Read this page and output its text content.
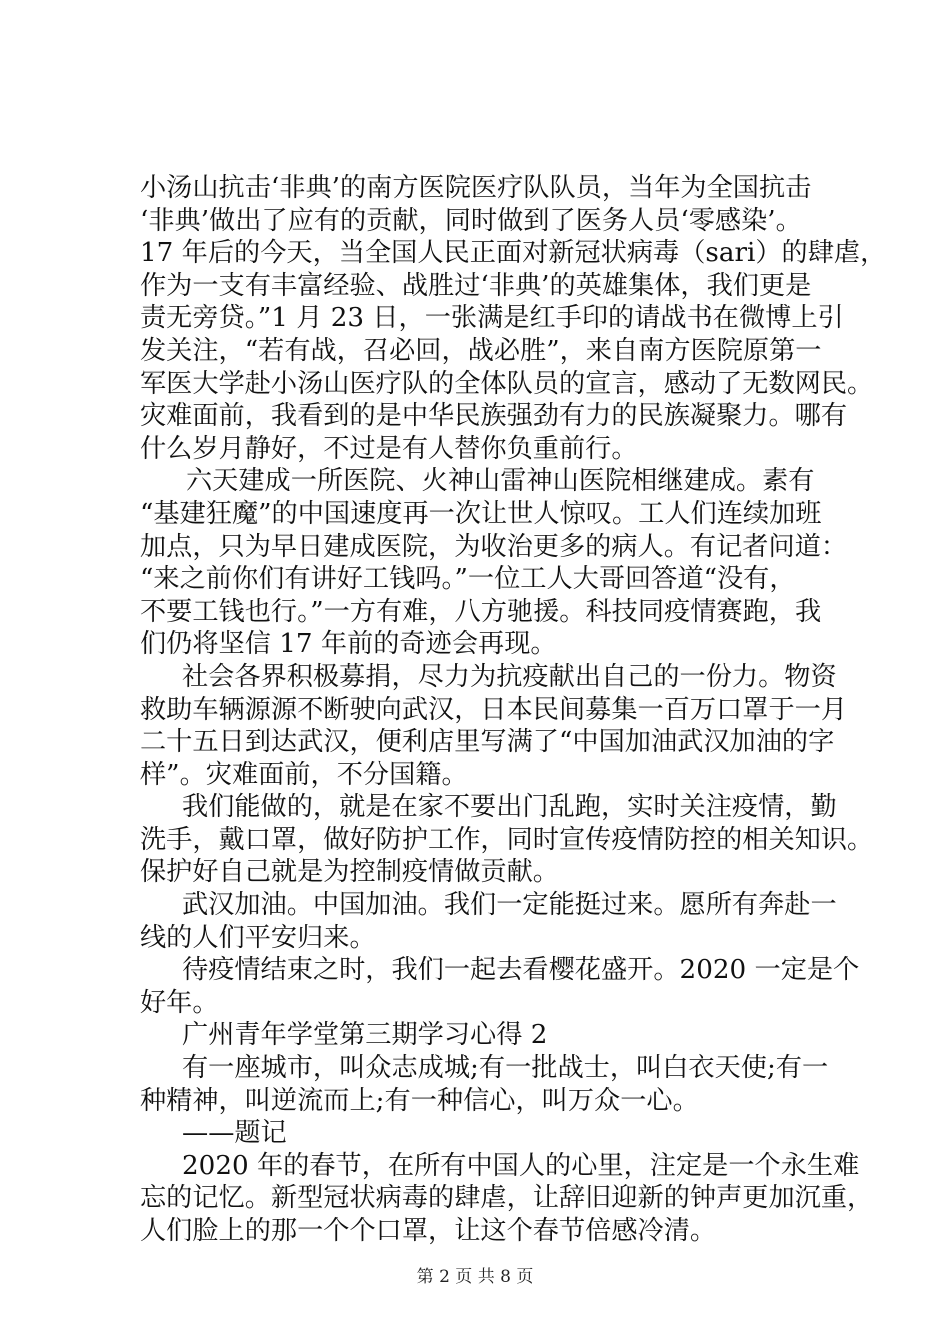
小汤山抗击‘非典’的南方医院医疗队队员，当年为全国抗击
‘非典’做出了应有的贡献，同时做到了医务人员‘零感染’。
17 年后的今天，当全国人民正面对新冠状病毒（sari）的肆虐，
作为一支有丰富经验、战胜过‘非典’的英雄集体，我们更是
责无旁贷。”1 月 23 日，一张满是红手印的请战书在微博上引
发关注，“若有战，召必回，战必胜”，来自南方医院原第一
军医大学赴小汤山医疗队的全体队员的宣言，感动了无数网民。
灾难面前，我看到的是中华民族强劲有力的民族凝聚力。哪有
什么岁月静好，不过是有人替你负重前行。
六天建成一所医院、火神山雷神山医院相继建成。素有
“基建狂魔”的中国速度再一次让世人惊叹。工人们连续加班
加点，只为早日建成医院，为收治更多的病人。有记者问道：
“来之前你们有讲好工钱吗。”一位工人大哥回答道“没有，
不要工钱也行。”一方有难，八方驰援。科技同疫情赛跑，我
们仍将坚信 17 年前的奇迹会再现。
社会各界积极募捐，尽力为抗疫献出自己的一份力。物资
救助车辆源源不断驶向武汉，日本民间募集一百万口罩于一月
二十五日到达武汉，便利店里写满了“中国加油武汉加油的字
样”。灾难面前，不分国籍。
我们能做的，就是在家不要出门乱跑，实时关注疫情，勤
洗手，戴口罩，做好防护工作，同时宣传疫情防控的相关知识。
保护好自己就是为控制疫情做贡献。
武汉加油。中国加油。我们一定能挺过来。愿所有奔赴一
线的人们平安归来。
待疫情结束之时，我们一起去看樱花盛开。2020 一定是个
好年。
广州青年学堂第三期学习心得 2
有一座城市，叫众志成城;有一批战士，叫白衣天使;有一
种精神，叫逆流而上;有一种信心，叫万众一心。
——题记
2020 年的春节，在所有中国人的心里，注定是一个永生难
忘的记忆。新型冠状病毒的肆虐，让辞旧迎新的钟声更加沉重，
人们脸上的那一个个口罩，让这个春节倍感冷清。
第 2 页 共 8 页
